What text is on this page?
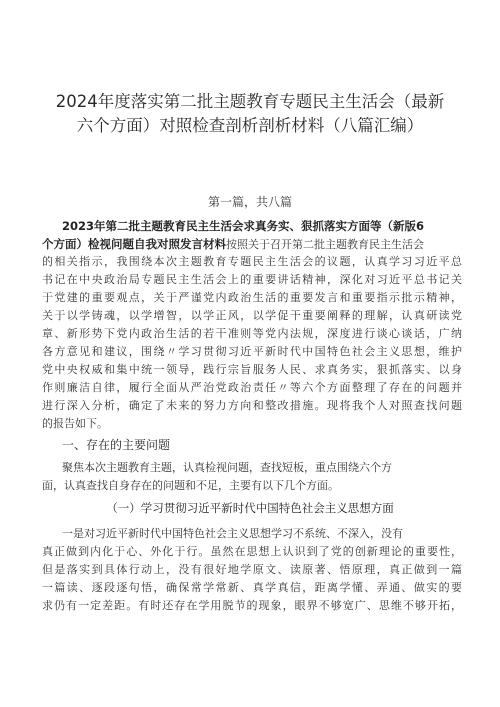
2024年度落实第二批主题教育专题民主生活会（最新
六个方面）对照检查剖析剖析材料（八篇汇编）
第一篇，共八篇
2023年第二批主题教育民主生活会求真务实、狠抓落实方面等（新版6
个方面）检视问题自我对照发言材料按照关于召开第二批主题教育民主生活会
的相关指示，我围绕本次主题教育专题民主生活会的议题，认真学习习近平总
书记在中央政治局专题民主生活会上的重要讲话精神，深化对习近平总书记关
于党建的重要观点，关于严谨党内政治生活的重要发言和重要指示批示精神，
关于以学铸魂，以学增智，以学正风，以学促干重要阐释的理解，认真研读党
章、新形势下党内政治生活的若干准则等党内法规，深度进行谈心谈话，广纳
各方意见和建议，围绕〃学习贯彻习近平新时代中国特色社会主义思想，维护
党中央权威和集中统一领导，践行宗旨服务人民、求真务实，狠抓落实、以身
作则廉洁自律，履行全面从严治党政治责任〃等六个方面整理了存在的问题并
进行深入分析，确定了未来的努力方向和整改措施。现将我个人对照查找问题
的报告如下。
一、存在的主要问题
聚焦本次主题教育主题，认真检视问题，查找短板，重点围绕六个方
面，认真查找自身存在的问题和不足，主要有以下几个方面。
（一）学习贯彻习近平新时代中国特色社会主义思想方面
一是对习近平新时代中国特色社会主义思想学习不系统、不深入，没有
真正做到内化于心、外化于行。虽然在思想上认识到了党的创新理论的重要性，
但是落实到具体行动上，没有很好地学原文、读原著、悟原理，真正做到一篇
一篇读、逐段逐句悟，确保常学常新、真学真信，距离学懂、弄通、做实的要
求仍有一定差距。有时还存在学用脱节的现象，眼界不够宽广、思维不够开拓，
